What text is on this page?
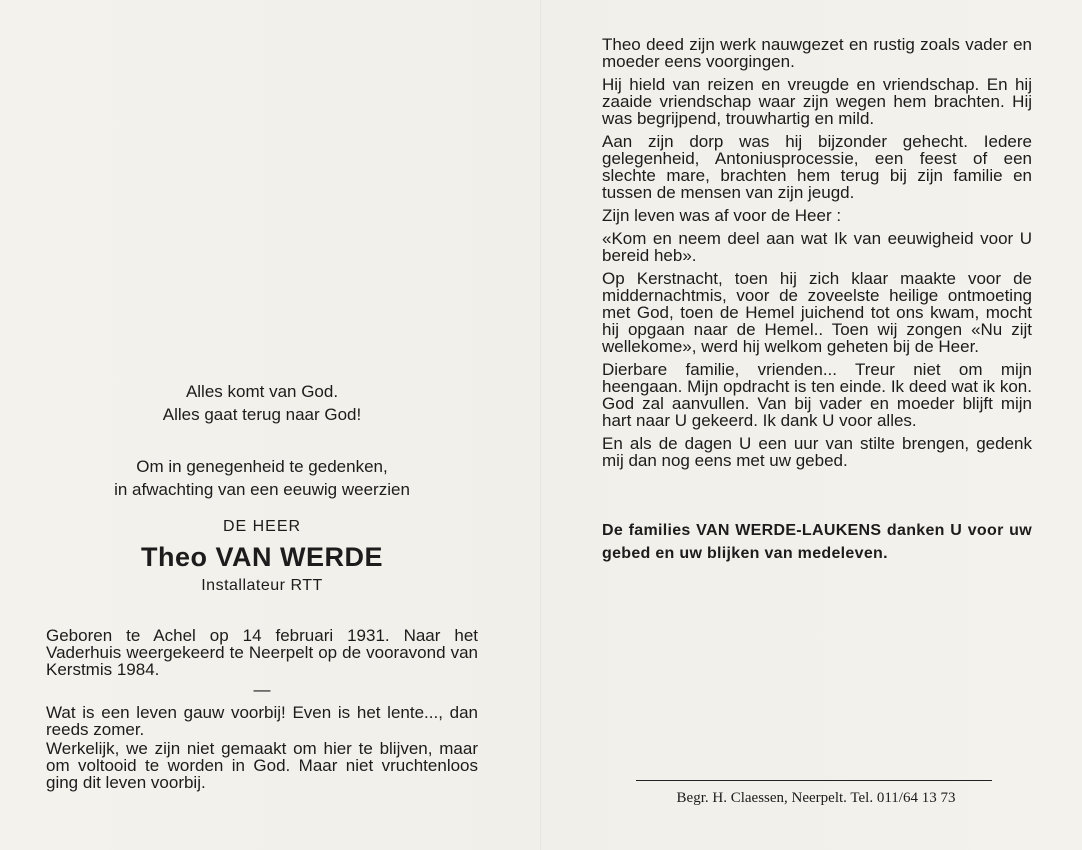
Alles komt van God.

Alles gaat terug naar God!

Om in genegenheid te gedenken,
in afwachting van een eeuwig weerzien
DE HEER
Theo VAN WERDE
Installateur RTT

Geboren te Achel op 14 februari 1931. Naar het Vaderhuis weergekeerd te Neerpelt op de vooravond van Kerstmis 1984.

—

Wat is een leven gauw voorbij! Even is het lente..., dan reeds zomer.

Werkelijk, we zijn niet gemaakt om hier te blijven, maar om voltooid te worden in God. Maar niet vruchtenloos ging dit leven voorbij.

Theo deed zijn werk nauwgezet en rustig zoals vader en moeder eens voorgingen.

Hij hield van reizen en vreugde en vriendschap. En hij zaaide vriendschap waar zijn wegen hem brachten. Hij was begrijpend, trouwhartig en mild.

Aan zijn dorp was hij bijzonder gehecht. Iedere gelegenheid, Antoniusprocessie, een feest of een slechte mare, brachten hem terug bij zijn familie en tussen de mensen van zijn jeugd.

Zijn leven was af voor de Heer :

«Kom en neem deel aan wat Ik van eeuwigheid voor U bereid heb».

Op Kerstnacht, toen hij zich klaar maakte voor de middernachtmis, voor de zoveelste heilige ontmoeting met God, toen de Hemel juichend tot ons kwam, mocht hij opgaan naar de Hemel.. Toen wij zongen «Nu zijt wellekome», werd hij welkom geheten bij de Heer.

Dierbare familie, vrienden... Treur niet om mijn heengaan. Mijn opdracht is ten einde. Ik deed wat ik kon. God zal aanvullen. Van bij vader en moeder blijft mijn hart naar U gekeerd. Ik dank U voor alles.

En als de dagen U een uur van stilte brengen, gedenk mij dan nog eens met uw gebed.

De families VAN WERDE-LAUKENS danken U voor uw gebed en uw blijken van medeleven.

Begr. H. Claessen, Neerpelt. Tel. 011/64 13 73
